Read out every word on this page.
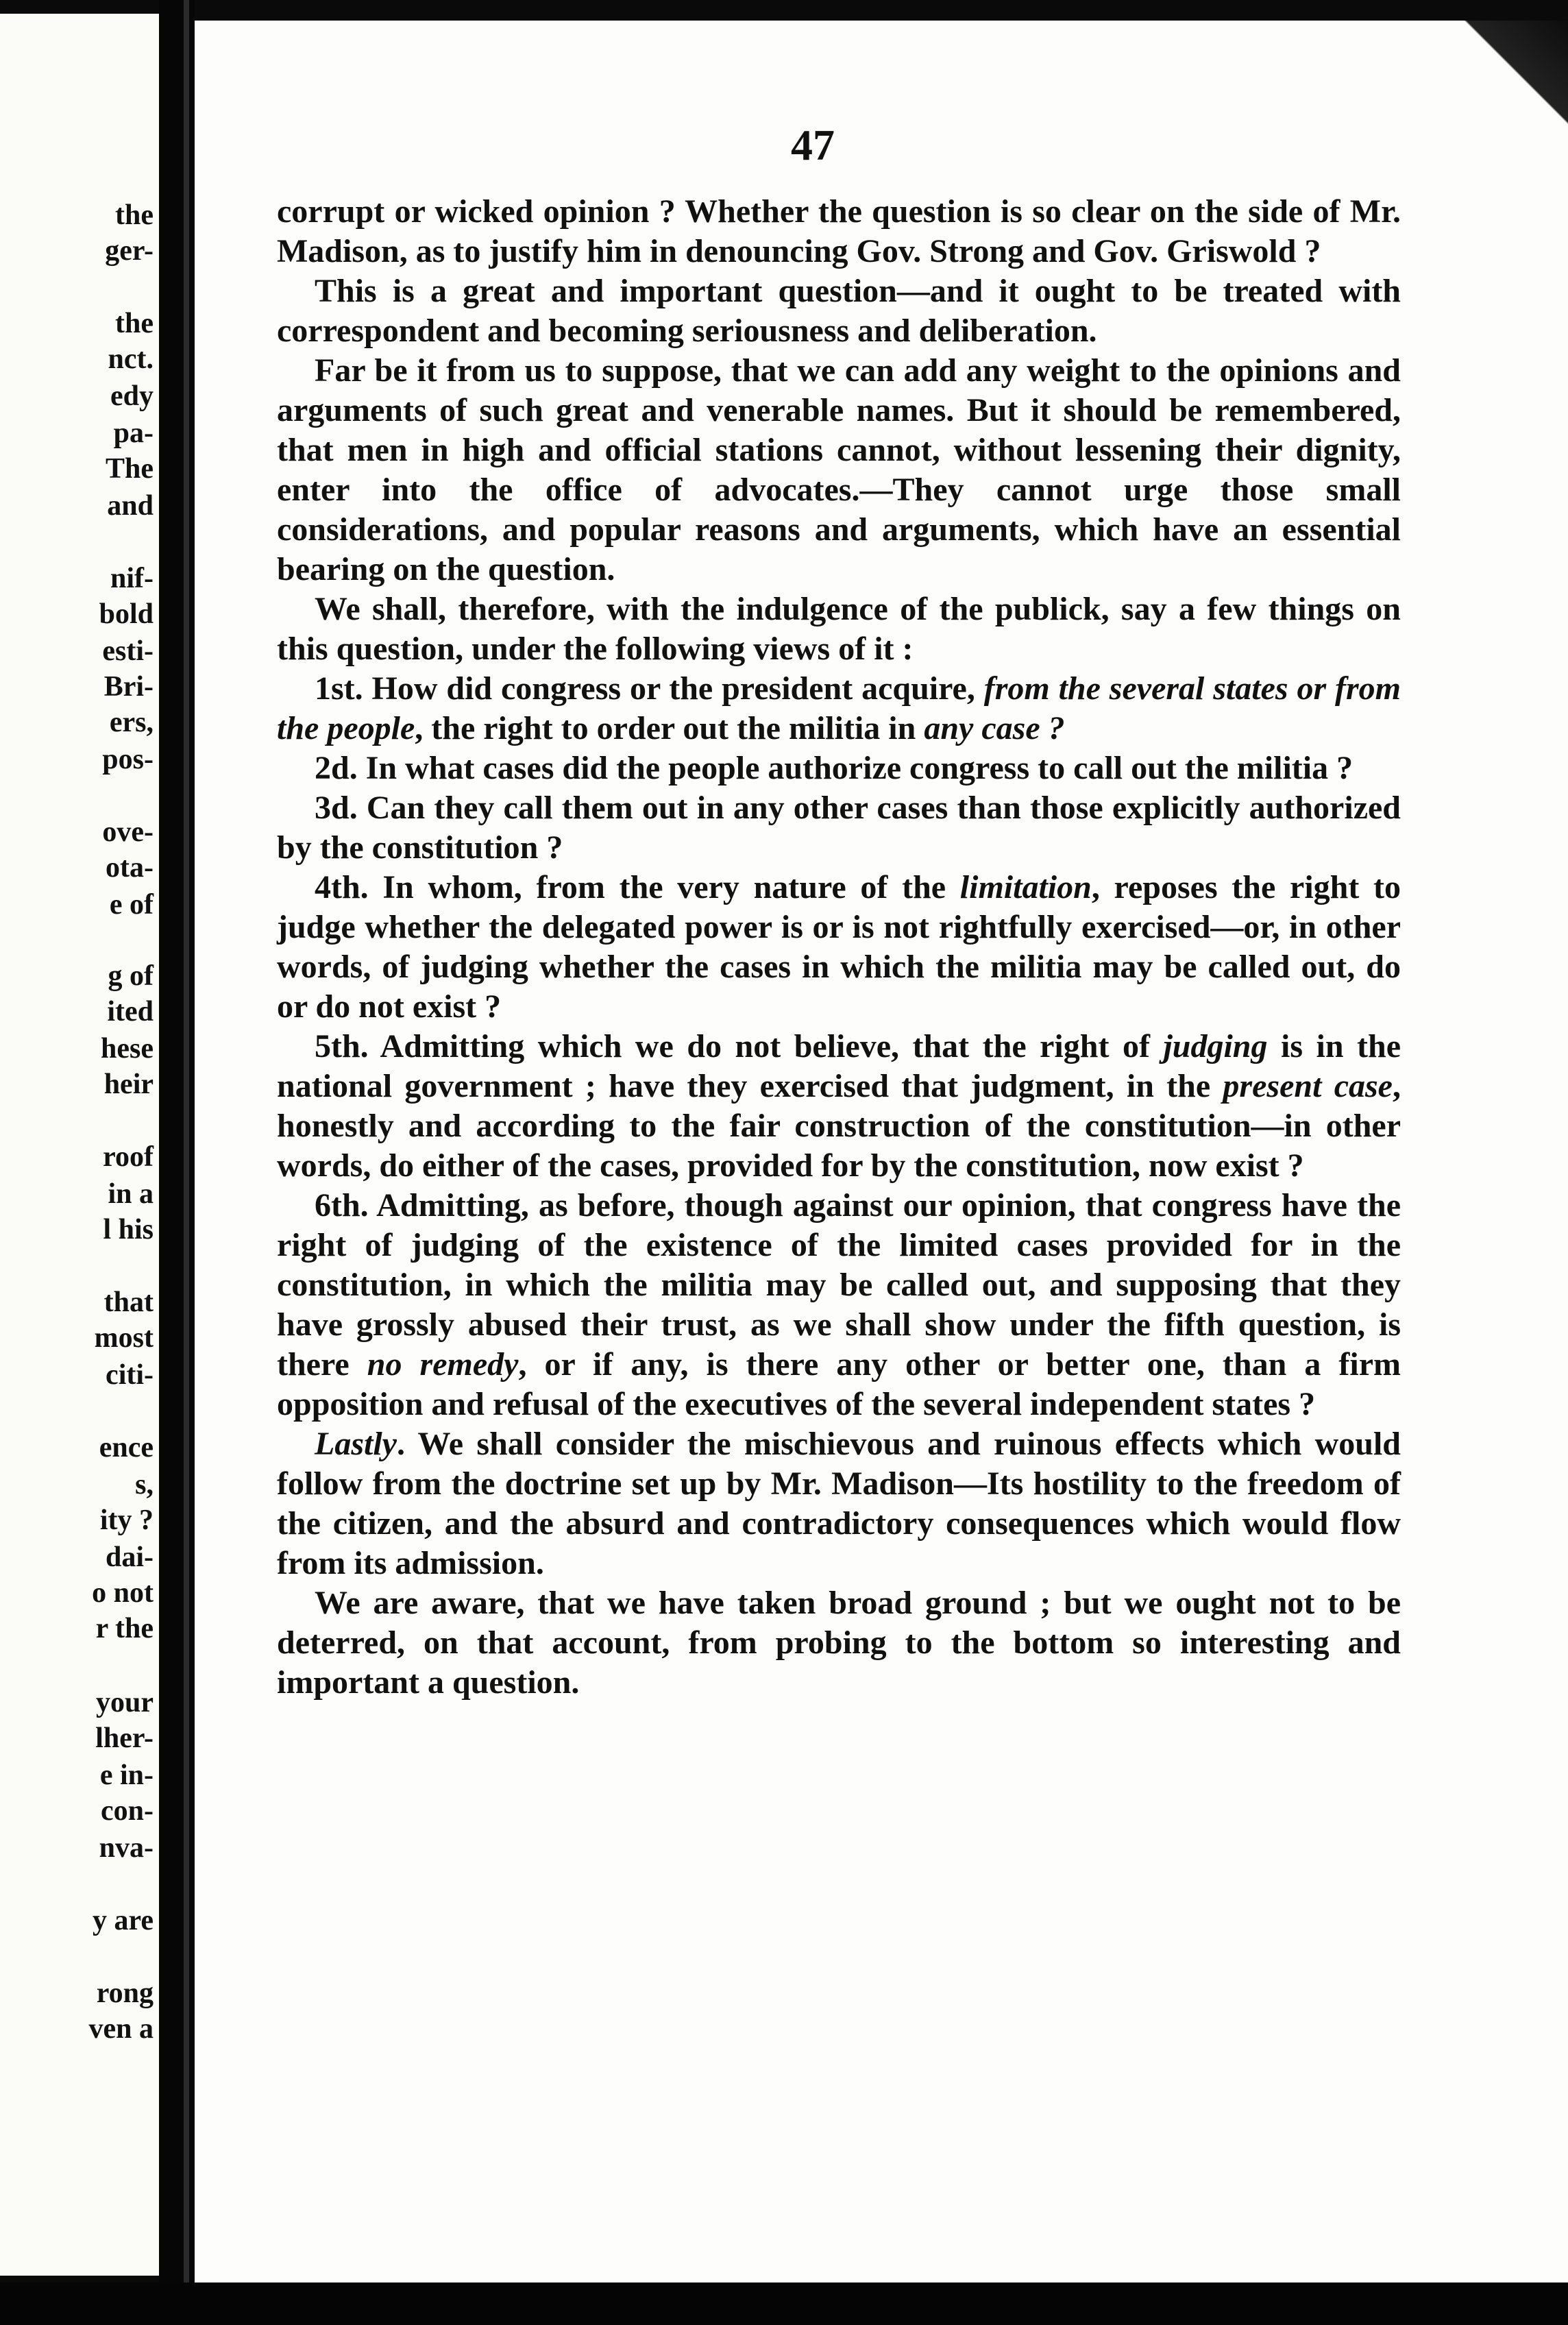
the
ger-
the
nct.
edy
pa-
The
and
nif-
bold
esti-
Bri-
ers,
pos-
ove-
ota-
e of
g of
ited
hese
heir
roof
in a
l his
that
most
citi-
ence
s,
ity ?
dai-
o not
r the
your
lher-
e in-
con-
nva-
y are
rong
ven a
47

corrupt or wicked opinion ? Whether the question is so clear on the side of Mr. Madison, as to justify him in denouncing Gov. Strong and Gov. Griswold ?

This is a great and important question—and it ought to be treated with correspondent and becoming seriousness and deliberation.

Far be it from us to suppose, that we can add any weight to the opinions and arguments of such great and venerable names. But it should be remembered, that men in high and official stations cannot, without lessening their dignity, enter into the office of advocates.—They cannot urge those small considerations, and popular reasons and arguments, which have an essential bearing on the question.

We shall, therefore, with the indulgence of the publick, say a few things on this question, under the following views of it :

1st. How did congress or the president acquire, from the several states or from the people, the right to order out the militia in any case ?

2d. In what cases did the people authorize congress to call out the militia ?

3d. Can they call them out in any other cases than those explicitly authorized by the constitution ?

4th. In whom, from the very nature of the limitation, reposes the right to judge whether the delegated power is or is not rightfully exercised—or, in other words, of judging whether the cases in which the militia may be called out, do or do not exist ?

5th. Admitting which we do not believe, that the right of judging is in the national government ; have they exercised that judgment, in the present case, honestly and according to the fair construction of the constitution—in other words, do either of the cases, provided for by the constitution, now exist ?

6th. Admitting, as before, though against our opinion, that congress have the right of judging of the existence of the limited cases provided for in the constitution, in which the militia may be called out, and supposing that they have grossly abused their trust, as we shall show under the fifth question, is there no remedy, or if any, is there any other or better one, than a firm opposition and refusal of the executives of the several independent states ?

Lastly. We shall consider the mischievous and ruinous effects which would follow from the doctrine set up by Mr. Madison—Its hostility to the freedom of the citizen, and the absurd and contradictory consequences which would flow from its admission.

We are aware, that we have taken broad ground ; but we ought not to be deterred, on that account, from probing to the bottom so interesting and important a question.
